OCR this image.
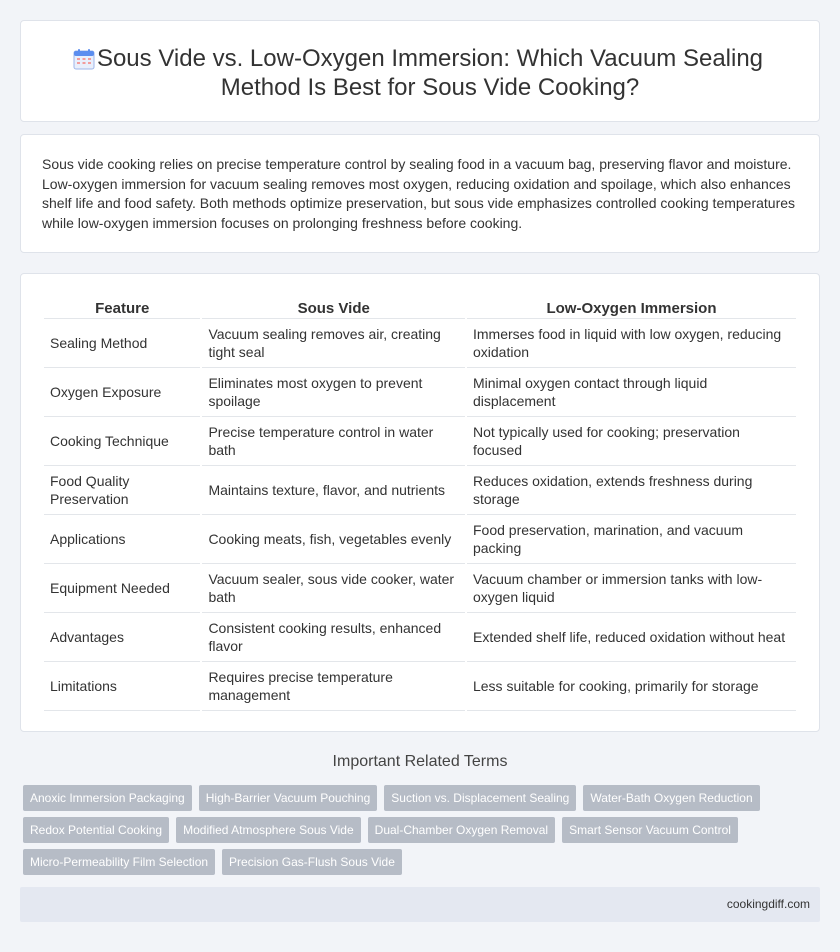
Sous Vide vs. Low-Oxygen Immersion: Which Vacuum Sealing Method Is Best for Sous Vide Cooking?

Sous vide cooking relies on precise temperature control by sealing food in a vacuum bag, preserving flavor and moisture. Low-oxygen immersion for vacuum sealing removes most oxygen, reducing oxidation and spoilage, which also enhances shelf life and food safety. Both methods optimize preservation, but sous vide emphasizes controlled cooking temperatures while low-oxygen immersion focuses on prolonging freshness before cooking.

Feature	Sous Vide	Low-Oxygen Immersion
Sealing Method	Vacuum sealing removes air, creating tight seal	Immerses food in liquid with low oxygen, reducing oxidation
Oxygen Exposure	Eliminates most oxygen to prevent spoilage	Minimal oxygen contact through liquid displacement
Cooking Technique	Precise temperature control in water bath	Not typically used for cooking; preservation focused
Food Quality Preservation	Maintains texture, flavor, and nutrients	Reduces oxidation, extends freshness during storage
Applications	Cooking meats, fish, vegetables evenly	Food preservation, marination, and vacuum packing
Equipment Needed	Vacuum sealer, sous vide cooker, water bath	Vacuum chamber or immersion tanks with low-oxygen liquid
Advantages	Consistent cooking results, enhanced flavor	Extended shelf life, reduced oxidation without heat
Limitations	Requires precise temperature management	Less suitable for cooking, primarily for storage
Important Related Terms
Anoxic Immersion Packaging	High-Barrier Vacuum Pouching	Suction vs. Displacement Sealing	Water-Bath Oxygen Reduction
Redox Potential Cooking	Modified Atmosphere Sous Vide	Dual-Chamber Oxygen Removal	Smart Sensor Vacuum Control
Micro-Permeability Film Selection	Precision Gas-Flush Sous Vide
cookingdiff.com
